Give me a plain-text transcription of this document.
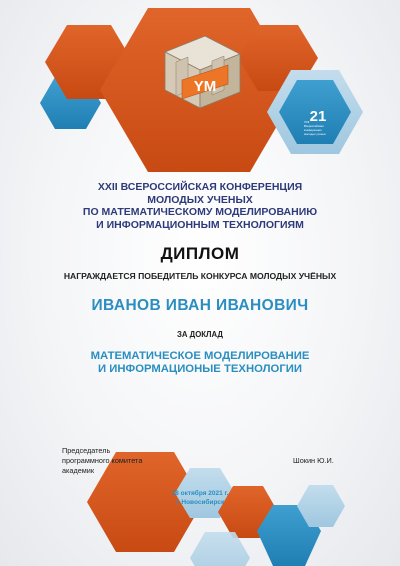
YM
21
XXII
Всероссийская
конференция
молодых ученых
XXII ВСЕРОССИЙСКАЯ КОНФЕРЕНЦИЯ
МОЛОДЫХ УЧЕНЫХ
ПО МАТЕМАТИЧЕСКОМУ МОДЕЛИРОВАНИЮ
И ИНФОРМАЦИОННЫМ ТЕХНОЛОГИЯМ
ДИПЛОМ
НАГРАЖДАЕТСЯ ПОБЕДИТЕЛЬ КОНКУРСА МОЛОДЫХ УЧЁНЫХ
ИВАНОВ ИВАН ИВАНОВИЧ
ЗА ДОКЛАД
МАТЕМАТИЧЕСКОЕ МОДЕЛИРОВАНИЕ
И ИНФОРМАЦИОНЫЕ ТЕХНОЛОГИИ
Председатель
программного комитета
академик
Шокин Ю.И.
28 октября 2021 г.
г. Новосибирск
